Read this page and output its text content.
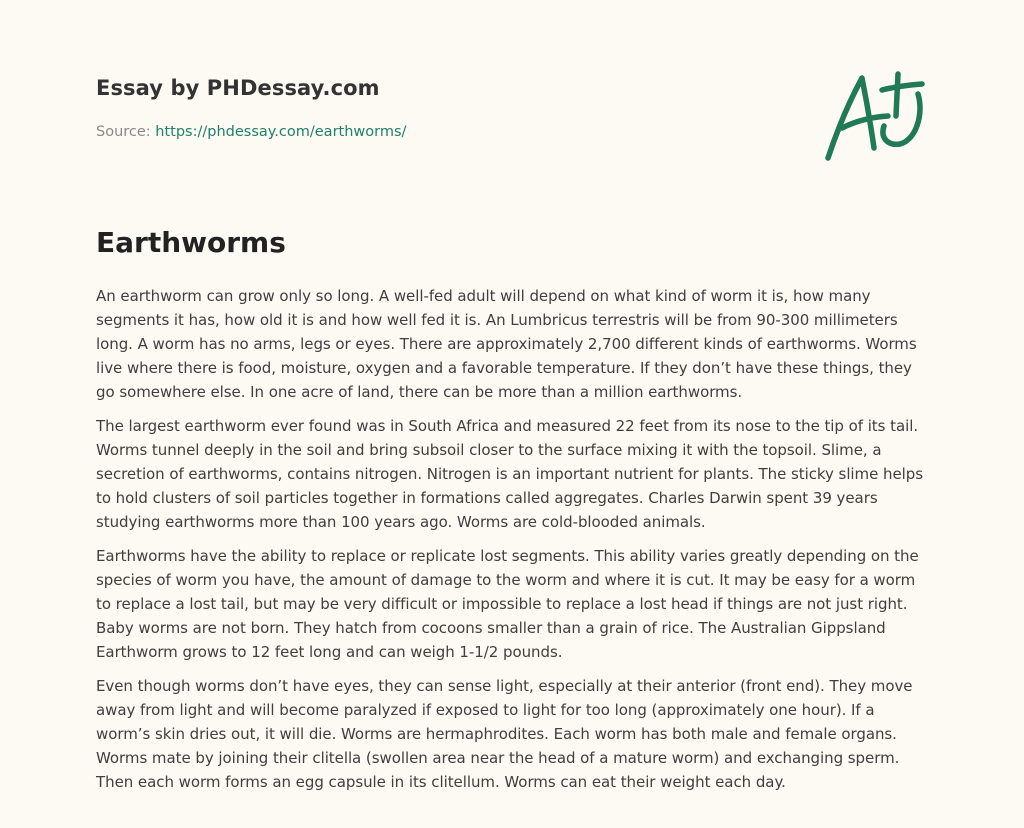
Essay by PHDessay.com
Source: https://phdessay.com/earthworms/
Earthworms

An earthworm can grow only so long. A well-fed adult will depend on what kind of worm it is, how many segments it has, how old it is and how well fed it is. An Lumbricus terrestris will be from 90-300 millimeters long. A worm has no arms, legs or eyes. There are approximately 2,700 different kinds of earthworms. Worms live where there is food, moisture, oxygen and a favorable temperature. If they don’t have these things, they go somewhere else. In one acre of land, there can be more than a million earthworms.

The largest earthworm ever found was in South Africa and measured 22 feet from its nose to the tip of its tail. Worms tunnel deeply in the soil and bring subsoil closer to the surface mixing it with the topsoil. Slime, a secretion of earthworms, contains nitrogen. Nitrogen is an important nutrient for plants. The sticky slime helps to hold clusters of soil particles together in formations called aggregates. Charles Darwin spent 39 years studying earthworms more than 100 years ago. Worms are cold-blooded animals.

Earthworms have the ability to replace or replicate lost segments. This ability varies greatly depending on the species of worm you have, the amount of damage to the worm and where it is cut. It may be easy for a worm to replace a lost tail, but may be very difficult or impossible to replace a lost head if things are not just right. Baby worms are not born. They hatch from cocoons smaller than a grain of rice. The Australian Gippsland Earthworm grows to 12 feet long and can weigh 1-1/2 pounds.

Even though worms don’t have eyes, they can sense light, especially at their anterior (front end). They move away from light and will become paralyzed if exposed to light for too long (approximately one hour). If a worm’s skin dries out, it will die. Worms are hermaphrodites. Each worm has both male and female organs. Worms mate by joining their clitella (swollen area near the head of a mature worm) and exchanging sperm. Then each worm forms an egg capsule in its clitellum. Worms can eat their weight each day.
